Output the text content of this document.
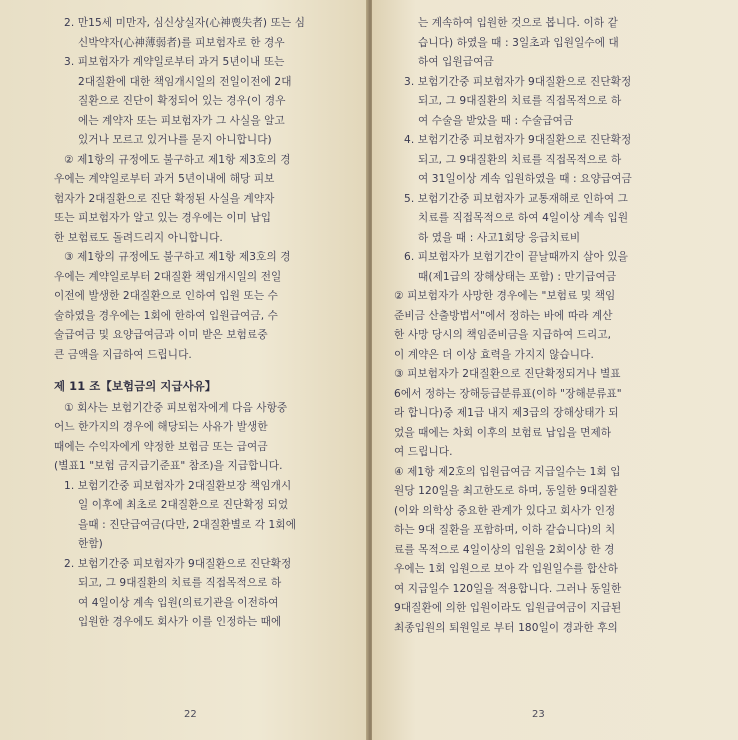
2. 만15세 미만자, 심신상실자(心神喪失者) 또는 심
신박약자(心神薄弱者)를 피보험자로 한 경우
3. 피보험자가 계약일로부터 과거 5년이내 또는
2대질환에 대한 책임개시일의 전일이전에 2대
질환으로 진단이 확정되어 있는 경우(이 경우
에는 계약자 또는 피보험자가 그 사실을 알고
있거나 모르고 있거나를 묻지 아니합니다)
② 제1항의 규정에도 불구하고 제1항 제3호의 경
우에는 계약일로부터 과거 5년이내에 해당 피보
험자가 2대질환으로 진단 확정된 사실을 계약자
또는 피보험자가 알고 있는 경우에는 이미 납입
한 보험료도 돌려드리지 아니합니다.
③ 제1항의 규정에도 불구하고 제1항 제3호의 경
우에는 계약일로부터 2대질환 책임개시일의 전일
이전에 발생한 2대질환으로 인하여 입원 또는 수
술하였을 경우에는 1회에 한하여 입원급여금, 수
술급여금 및 요양급여금과 이미 받은 보험료중
큰 금액을 지급하여 드립니다.
제 11 조【보험금의 지급사유】
① 회사는 보험기간중 피보험자에게 다음 사항중
어느 한가지의 경우에 해당되는 사유가 발생한
때에는 수익자에게 약정한 보험금 또는 급여금
(별표1 "보험 금지급기준표" 참조)을 지급합니다.
1. 보험기간중 피보험자가 2대질환보장 책임개시
일 이후에 최초로 2대질환으로 진단확정 되었
을때 : 진단급여금(다만, 2대질환별로 각 1회에
한함)
2. 보험기간중 피보험자가 9대질환으로 진단확정
되고, 그 9대질환의 치료를 직접목적으로 하
여 4일이상 계속 입원(의료기관을 이전하여
입원한 경우에도 회사가 이를 인정하는 때에
22
는 계속하여 입원한 것으로 봅니다. 이하 같
습니다) 하였을 때 : 3일초과 입원일수에 대
하여 입원급여금
3. 보험기간중 피보험자가 9대질환으로 진단확정
되고, 그 9대질환의 치료를 직접목적으로 하
여 수술을 받았을 때 : 수술급여금
4. 보험기간중 피보험자가 9대질환으로 진단확정
되고, 그 9대질환의 치료를 직접목적으로 하
여 31일이상 계속 입원하였을 때 : 요양급여금
5. 보험기간중 피보험자가 교통재해로 인하여 그
치료를 직접목적으로 하여 4일이상 계속 입원
하 였을 때 : 사고1회당 응급치료비
6. 피보험자가 보험기간이 끝날때까지 살아 있을
때(제1급의 장해상태는 포함) : 만기급여금
② 피보험자가 사망한 경우에는 "보험료 및 책임
준비금 산출방법서"에서 정하는 바에 따라 계산
한 사망 당시의 책임준비금을 지급하여 드리고,
이 계약은 더 이상 효력을 가지지 않습니다.
③ 피보험자가 2대질환으로 진단확정되거나 별표
6에서 정하는 장해등급분류표(이하 "장해분류표"
라 합니다)중 제1급 내지 제3급의 장해상태가 되
었을 때에는 차회 이후의 보험료 납입을 면제하
여 드립니다.
④ 제1항 제2호의 입원급여금 지급일수는 1회 입
원당 120일을 최고한도로 하며, 동일한 9대질환
(이와 의학상 중요한 관계가 있다고 회사가 인정
하는 9대 질환을 포함하며, 이하 같습니다)의 치
료를 목적으로 4일이상의 입원을 2회이상 한 경
우에는 1회 입원으로 보아 각 입원일수를 합산하
여 지급일수 120일을 적용합니다. 그러나 동일한
9대질환에 의한 입원이라도 입원급여금이 지급된
최종입원의 퇴원일로 부터 180일이 경과한 후의
23
